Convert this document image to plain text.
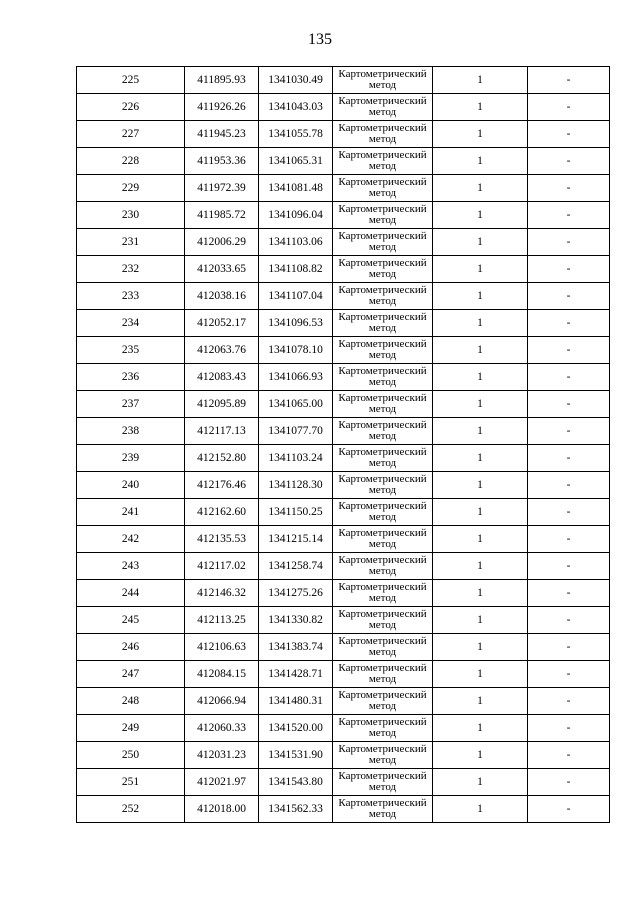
135
225	411895.93	1341030.49	Картометрический метод	1	-
226	411926.26	1341043.03	Картометрический метод	1	-
227	411945.23	1341055.78	Картометрический метод	1	-
228	411953.36	1341065.31	Картометрический метод	1	-
229	411972.39	1341081.48	Картометрический метод	1	-
230	411985.72	1341096.04	Картометрический метод	1	-
231	412006.29	1341103.06	Картометрический метод	1	-
232	412033.65	1341108.82	Картометрический метод	1	-
233	412038.16	1341107.04	Картометрический метод	1	-
234	412052.17	1341096.53	Картометрический метод	1	-
235	412063.76	1341078.10	Картометрический метод	1	-
236	412083.43	1341066.93	Картометрический метод	1	-
237	412095.89	1341065.00	Картометрический метод	1	-
238	412117.13	1341077.70	Картометрический метод	1	-
239	412152.80	1341103.24	Картометрический метод	1	-
240	412176.46	1341128.30	Картометрический метод	1	-
241	412162.60	1341150.25	Картометрический метод	1	-
242	412135.53	1341215.14	Картометрический метод	1	-
243	412117.02	1341258.74	Картометрический метод	1	-
244	412146.32	1341275.26	Картометрический метод	1	-
245	412113.25	1341330.82	Картометрический метод	1	-
246	412106.63	1341383.74	Картометрический метод	1	-
247	412084.15	1341428.71	Картометрический метод	1	-
248	412066.94	1341480.31	Картометрический метод	1	-
249	412060.33	1341520.00	Картометрический метод	1	-
250	412031.23	1341531.90	Картометрический метод	1	-
251	412021.97	1341543.80	Картометрический метод	1	-
252	412018.00	1341562.33	Картометрический метод	1	-
